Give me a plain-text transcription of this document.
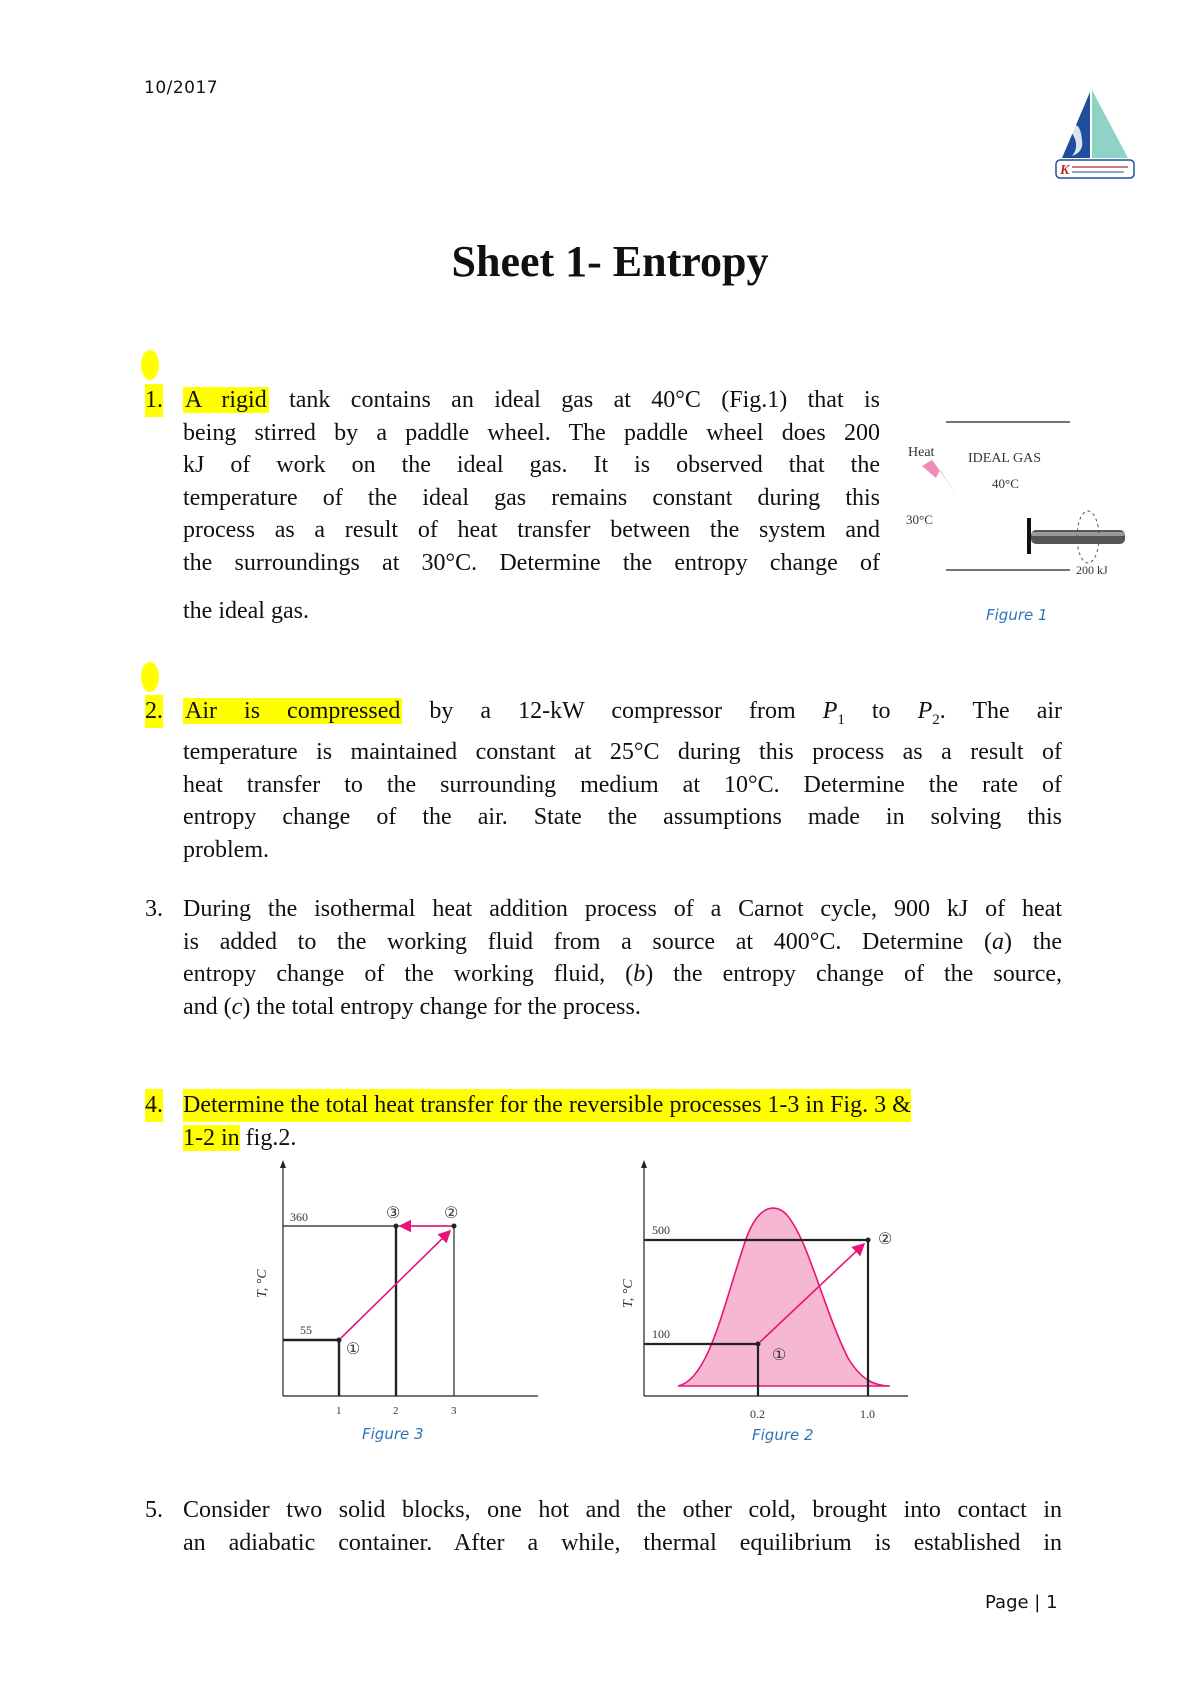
10/2017
K
Sheet 1- Entropy
1. A rigid tank contains an ideal gas at 40°C (Fig.1) that is
being stirred by a paddle wheel. The paddle wheel does 200
kJ of work on the ideal gas. It is observed that the
temperature of the ideal gas remains constant during this
process as a result of heat transfer between the system and
the surroundings at 30°C. Determine the entropy change of
the ideal gas.
Heat IDEAL GAS
40°C
30°C
200 kJ
Figure 1
2. Air is compressed by a 12-kW compressor from $P_1$ to $P_2$. The air
temperature is maintained constant at 25°C during this process as a result of
heat transfer to the surrounding medium at 10°C. Determine the rate of
entropy change of the air. State the assumptions made in solving this
problem.
3. During the isothermal heat addition process of a Carnot cycle, 900 kJ of heat
is added to the working fluid from a source at 400°C. Determine (a) the
entropy change of the working fluid, (b) the entropy change of the source,
and (c) the total entropy change for the process.
4. Determine the total heat transfer for the reversible processes 1-3 in Fig. 3 &
1-2 in fig.2.
T, °C
360
55
①
③	②
1	2	3
Figure 3
T, °C
500
100
①
②
0.2	1.0
Figure 2
5. Consider two solid blocks, one hot and the other cold, brought into contact in
an adiabatic container. After a while, thermal equilibrium is established in
Page | 1
